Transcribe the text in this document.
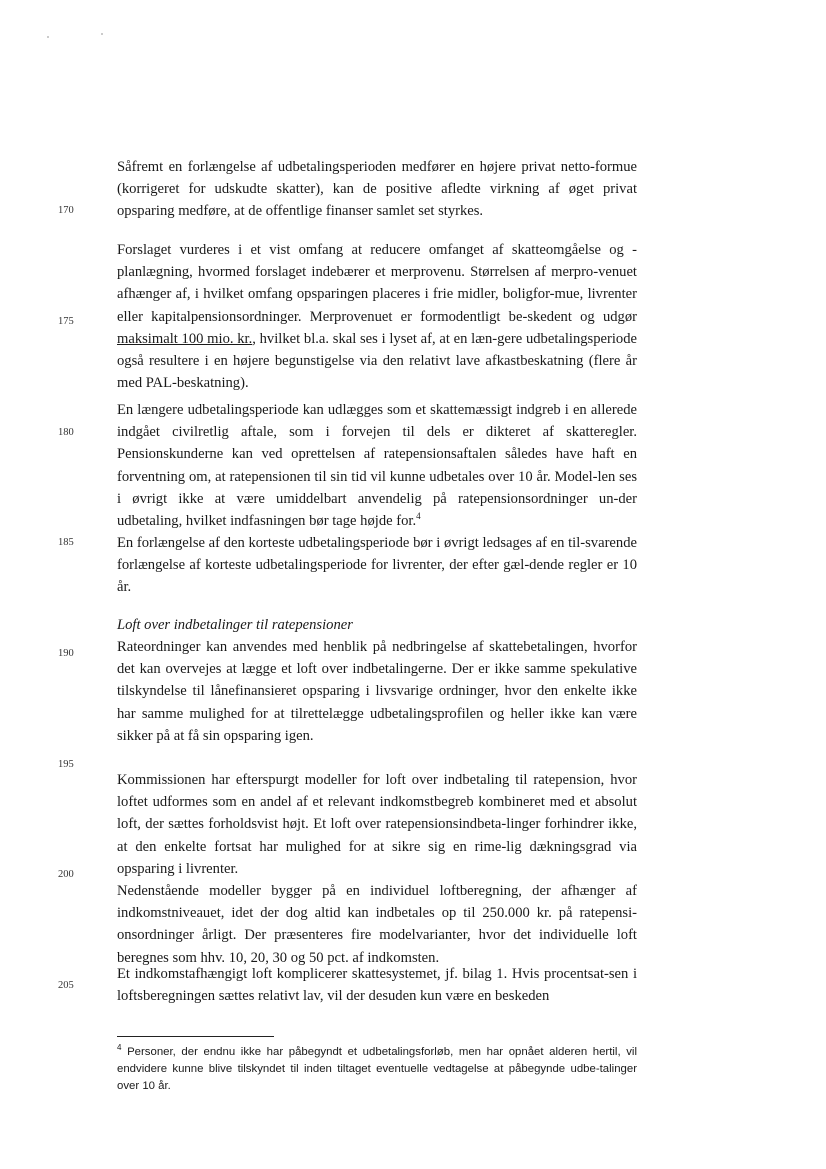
170
175
180
185
190
195
200
205

Såfremt en forlængelse af udbetalingsperioden medfører en højere privat netto-formue (korrigeret for udskudte skatter), kan de positive afledte virkning af øget privat opsparing medføre, at de offentlige finanser samlet set styrkes.

Forslaget vurderes i et vist omfang at reducere omfanget af skatteomgåelse og -planlægning, hvormed forslaget indebærer et merprovenu. Størrelsen af merpro-venuet afhænger af, i hvilket omfang opsparingen placeres i frie midler, boligfor-mue, livrenter eller kapitalpensionsordninger. Merprovenuet er formodentligt be-skedent og udgør maksimalt 100 mio. kr., hvilket bl.a. skal ses i lyset af, at en læn-gere udbetalingsperiode også resultere i en højere begunstigelse via den relativt lave afkastbeskatning (flere år med PAL-beskatning).

En længere udbetalingsperiode kan udlægges som et skattemæssigt indgreb i en allerede indgået civilretlig aftale, som i forvejen til dels er dikteret af skatteregler. Pensionskunderne kan ved oprettelsen af ratepensionsaftalen således have haft en forventning om, at ratepensionen til sin tid vil kunne udbetales over 10 år. Model-len ses i øvrigt ikke at være umiddelbart anvendelig på ratepensionsordninger un-der udbetaling, hvilket indfasningen bør tage højde for.$^4$

En forlængelse af den korteste udbetalingsperiode bør i øvrigt ledsages af en til-svarende forlængelse af korteste udbetalingsperiode for livrenter, der efter gæl-dende regler er 10 år.

Loft over indbetalinger til ratepensioner

Rateordninger kan anvendes med henblik på nedbringelse af skattebetalingen, hvorfor det kan overvejes at lægge et loft over indbetalingerne. Der er ikke samme spekulative tilskyndelse til lånefinansieret opsparing i livsvarige ordninger, hvor den enkelte ikke har samme mulighed for at tilrettelægge udbetalingsprofilen og heller ikke kan være sikker på at få sin opsparing igen.

Kommissionen har efterspurgt modeller for loft over indbetaling til ratepension, hvor loftet udformes som en andel af et relevant indkomstbegreb kombineret med et absolut loft, der sættes forholdsvist højt. Et loft over ratepensionsindbeta-linger forhindrer ikke, at den enkelte fortsat har mulighed for at sikre sig en rime-lig dækningsgrad via opsparing i livrenter.

Nedenstående modeller bygger på en individuel loftberegning, der afhænger af indkomstniveauet, idet der dog altid kan indbetales op til 250.000 kr. på ratepensi-onsordninger årligt. Der præsenteres fire modelvarianter, hvor det individuelle loft beregnes som hhv. 10, 20, 30 og 50 pct. af indkomsten.

Et indkomstafhængigt loft komplicerer skattesystemet, jf. bilag 1. Hvis procentsat-sen i loftsberegningen sættes relativt lav, vil der desuden kun være en beskeden

$^4$ Personer, der endnu ikke har påbegyndt et udbetalingsforløb, men har opnået alderen hertil, vil endvidere kunne blive tilskyndet til inden tiltaget eventuelle vedtagelse at påbegynde udbe-talinger over 10 år.
